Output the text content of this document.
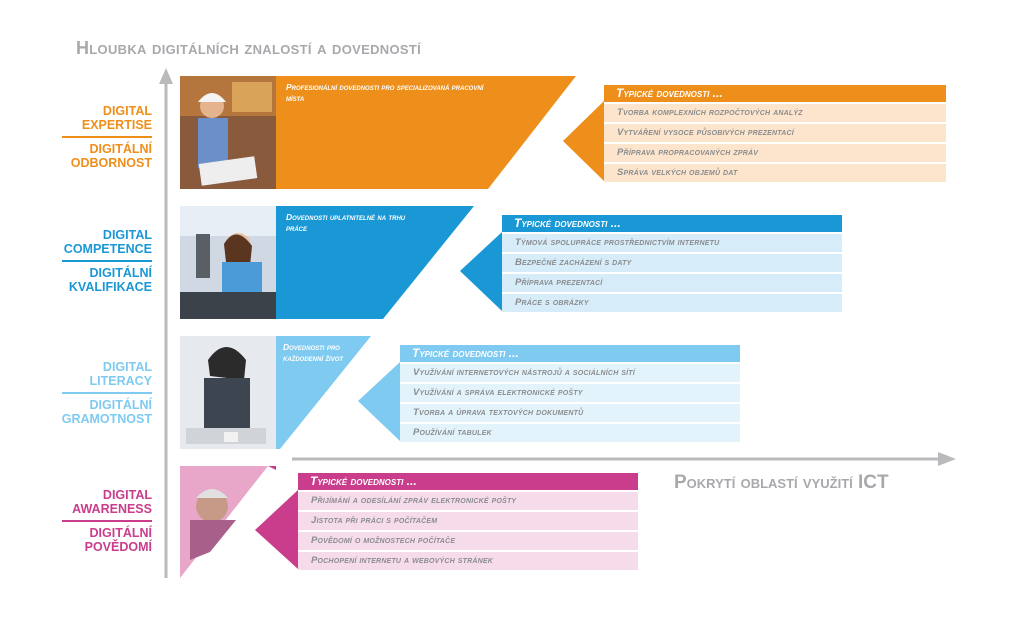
Hloubka digitálních znalostí a dovedností
Pokrytí oblastí využití ICT
DIGITAL
EXPERTISE
DIGITÁLNÍ
ODBORNOST
DIGITAL
COMPETENCE
DIGITÁLNÍ
KVALIFIKACE
DIGITAL
LITERACY
DIGITÁLNÍ
GRAMOTNOST
DIGITAL
AWARENESS
DIGITÁLNÍ
POVĚDOMÍ
Profesionální dovednosti pro specializovaná pracovní místa
Dovednosti uplatnitelné na trhu práce
Dovednosti pro každodenní život
Typické dovednosti ...
Tvorba komplexních rozpočtových analýz
Vytváření vysoce působivých prezentací
Příprava propracovaných zpráv
Správa velkých objemů dat
Typické dovednosti ...
Týmová spolupráce prostřednictvím internetu
Bezpečné zacházení s daty
Příprava prezentací
Práce s obrázky
Typické dovednosti ...
Využívání internetových nástrojů a sociálních sítí
Využívání a správa elektronické pošty
Tvorba a úprava textových dokumentů
Používání tabulek
Typické dovednosti ...
Přijímání a odesílání zpráv elektronické pošty
Jistota při práci s počítačem
Povědomí o možnostech počítače
Pochopení internetu a webových stránek
